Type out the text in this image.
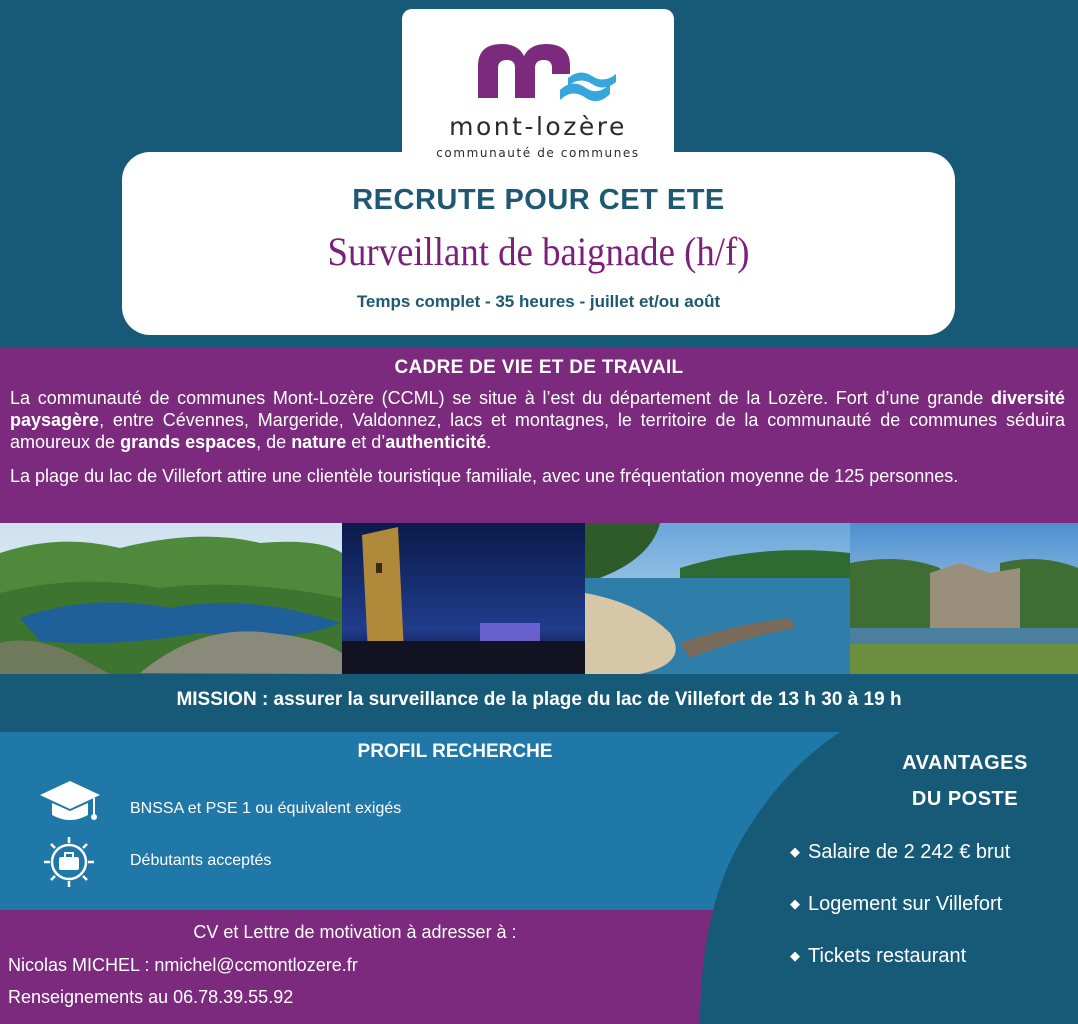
mont-lozère
communauté de communes
RECRUTE POUR CET ETE
Surveillant de baignade (h/f)
Temps complet - 35 heures - juillet et/ou août
CADRE DE VIE ET DE TRAVAIL
La communauté de communes Mont-Lozère (CCML) se situe à l’est du département de la Lozère. Fort d’une grande diversité paysagère, entre Cévennes, Margeride, Valdonnez, lacs et montagnes, le territoire de la communauté de communes séduira amoureux de grands espaces, de nature et d’authenticité.
La plage du lac de Villefort attire une clientèle touristique familiale, avec une fréquentation moyenne de 125 personnes.
MISSION : assurer la surveillance de la plage du lac de Villefort de 13 h 30 à 19 h
PROFIL RECHERCHE
BNSSA et PSE 1 ou équivalent exigés
Débutants acceptés
AVANTAGES
DU POSTE
◆ Salaire de 2 242 € brut
◆ Logement sur Villefort
◆ Tickets restaurant
CV et Lettre de motivation à adresser à :
Nicolas MICHEL : nmichel@ccmontlozere.fr
Renseignements au 06.78.39.55.92
